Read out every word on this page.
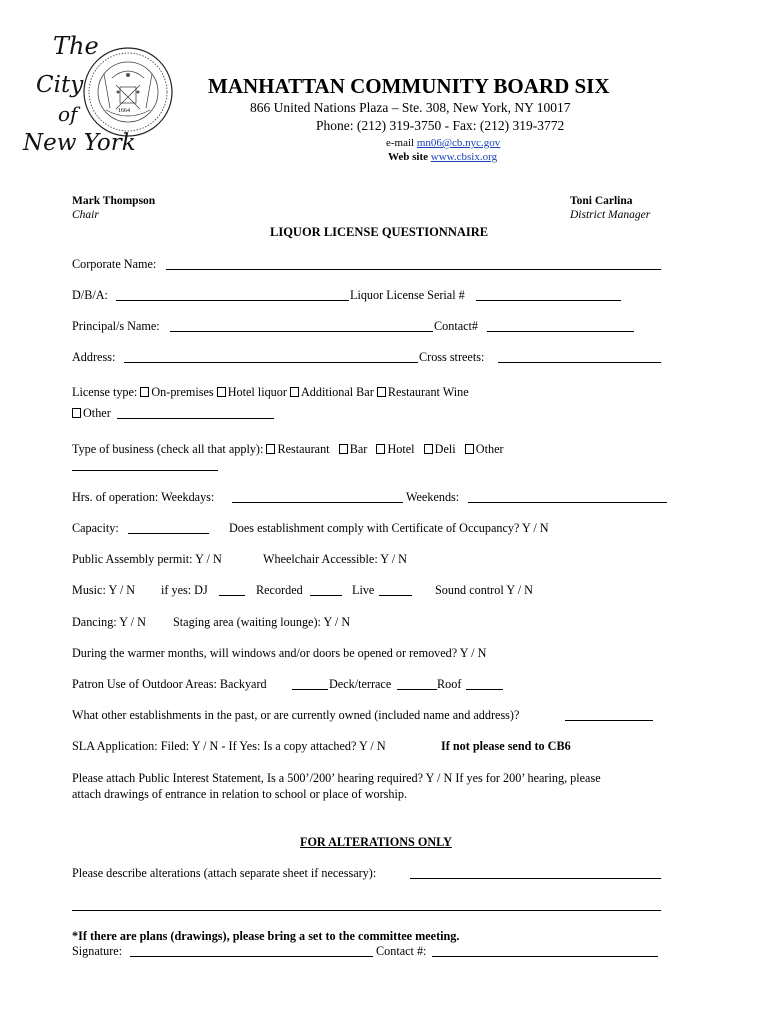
1664
The
City
of
New York
MANHATTAN COMMUNITY BOARD SIX
866 United Nations Plaza – Ste. 308, New York, NY 10017
Phone: (212) 319-3750 - Fax: (212) 319-3772
e-mail mn06@cb.nyc.gov
Web site www.cbsix.org
Mark Thompson
Chair
Toni Carlina
District Manager
LIQUOR LICENSE QUESTIONNAIRE
Corporate Name:
D/B/A:	Liquor License Serial #
Principal/s Name:	Contact#
Address:	Cross streets:
License type: On-premises Hotel liquor Additional Bar Restaurant Wine
Other
Type of business (check all that apply): Restaurant Bar Hotel Deli Other
Hrs. of operation: Weekdays:	Weekends:
Capacity:	Does establishment comply with Certificate of Occupancy? Y / N
Public Assembly permit: Y / N	Wheelchair Accessible: Y / N
Music: Y / N if yes: DJ	Recorded	Live	Sound control Y / N
Dancing: Y / N Staging area (waiting lounge): Y / N
During the warmer months, will windows and/or doors be opened or removed? Y / N
Patron Use of Outdoor Areas: Backyard	Deck/terrace	Roof
What other establishments in the past, or are currently owned (included name and address)?
SLA Application: Filed: Y / N - If Yes: Is a copy attached? Y / N	If not please send to CB6
Please attach Public Interest Statement, Is a 500’/200’ hearing required? Y / N If yes for 200’ hearing, please
attach drawings of entrance in relation to school or place of worship.
FOR ALTERATIONS ONLY
Please describe alterations (attach separate sheet if necessary):
*If there are plans (drawings), please bring a set to the committee meeting.
Signature:	Contact #:
